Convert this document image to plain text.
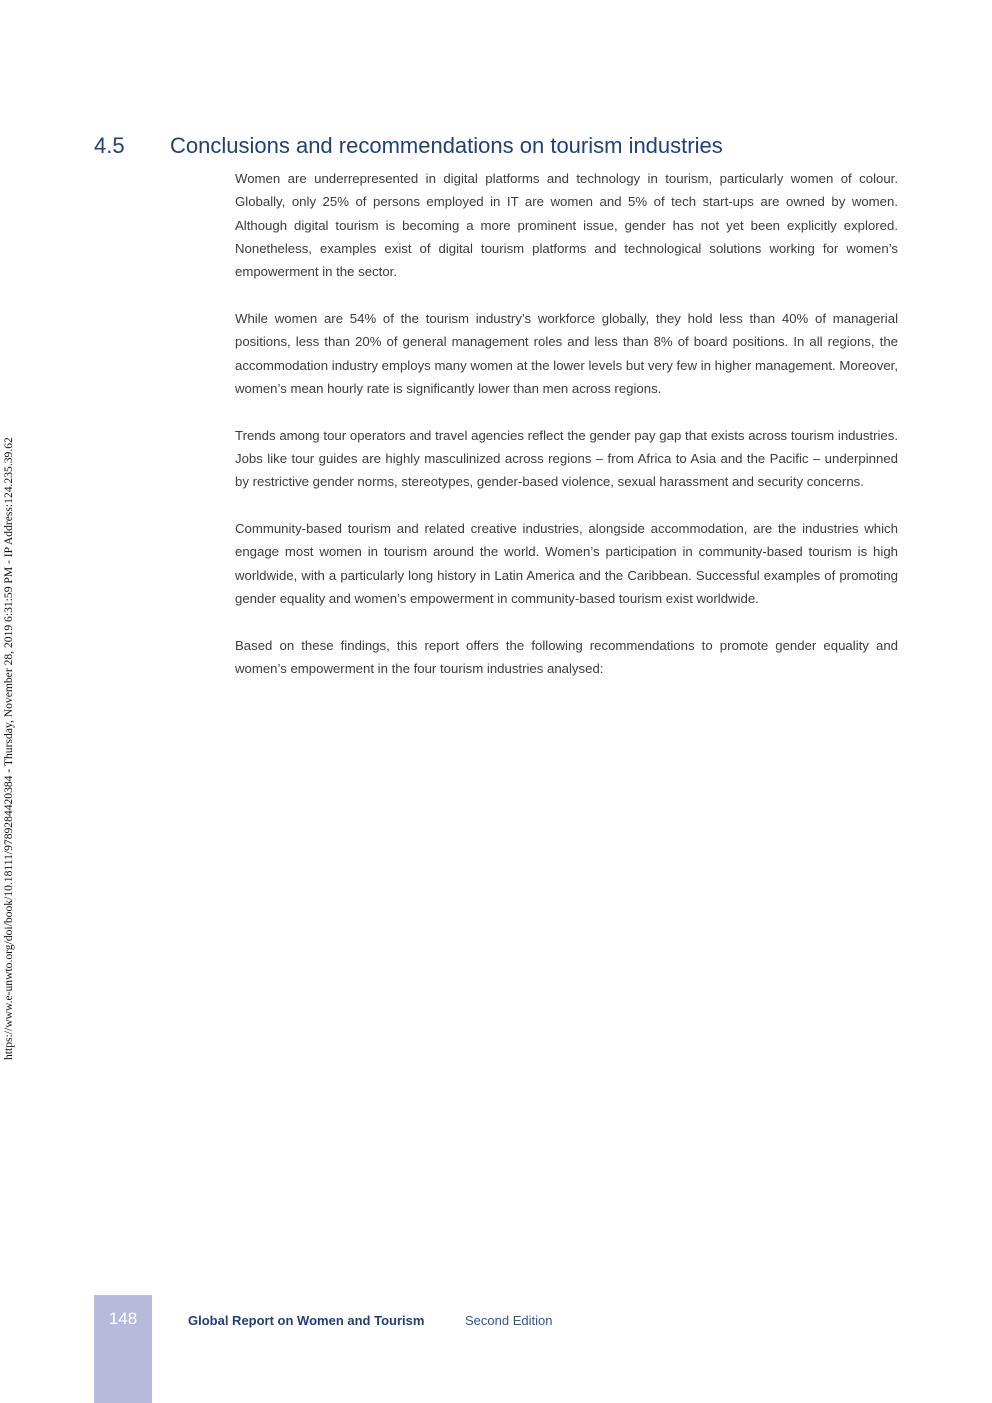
https://www.e-unwto.org/doi/book/10.18111/9789284420384 - Thursday, November 28, 2019 6:31:59 PM - IP Address:124.235.39.62
4.5	Conclusions and recommendations on tourism industries

Women are underrepresented in digital platforms and technology in tourism, particularly women of colour. Globally, only 25% of persons employed in IT are women and 5% of tech start-ups are owned by women. Although digital tourism is becoming a more prominent issue, gender has not yet been explicitly explored. Nonetheless, examples exist of digital tourism platforms and technological solutions working for women’s empowerment in the sector.

While women are 54% of the tourism industry’s workforce globally, they hold less than 40% of managerial positions, less than 20% of general management roles and less than 8% of board positions. In all regions, the accommodation industry employs many women at the lower levels but very few in higher management. Moreover, women’s mean hourly rate is significantly lower than men across regions.

Trends among tour operators and travel agencies reflect the gender pay gap that exists across tourism industries. Jobs like tour guides are highly masculinized across regions – from Africa to Asia and the Pacific – underpinned by restrictive gender norms, stereotypes, gender-based violence, sexual harassment and security concerns.

Community-based tourism and related creative industries, alongside accommodation, are the industries which engage most women in tourism around the world. Women’s participation in community-based tourism is high worldwide, with a particularly long history in Latin America and the Caribbean. Successful examples of promoting gender equality and women’s empowerment in community-based tourism exist worldwide.

Based on these findings, this report offers the following recommendations to promote gender equality and women’s empowerment in the four tourism industries analysed:

148	Global Report on Women and Tourism	Second Edition
